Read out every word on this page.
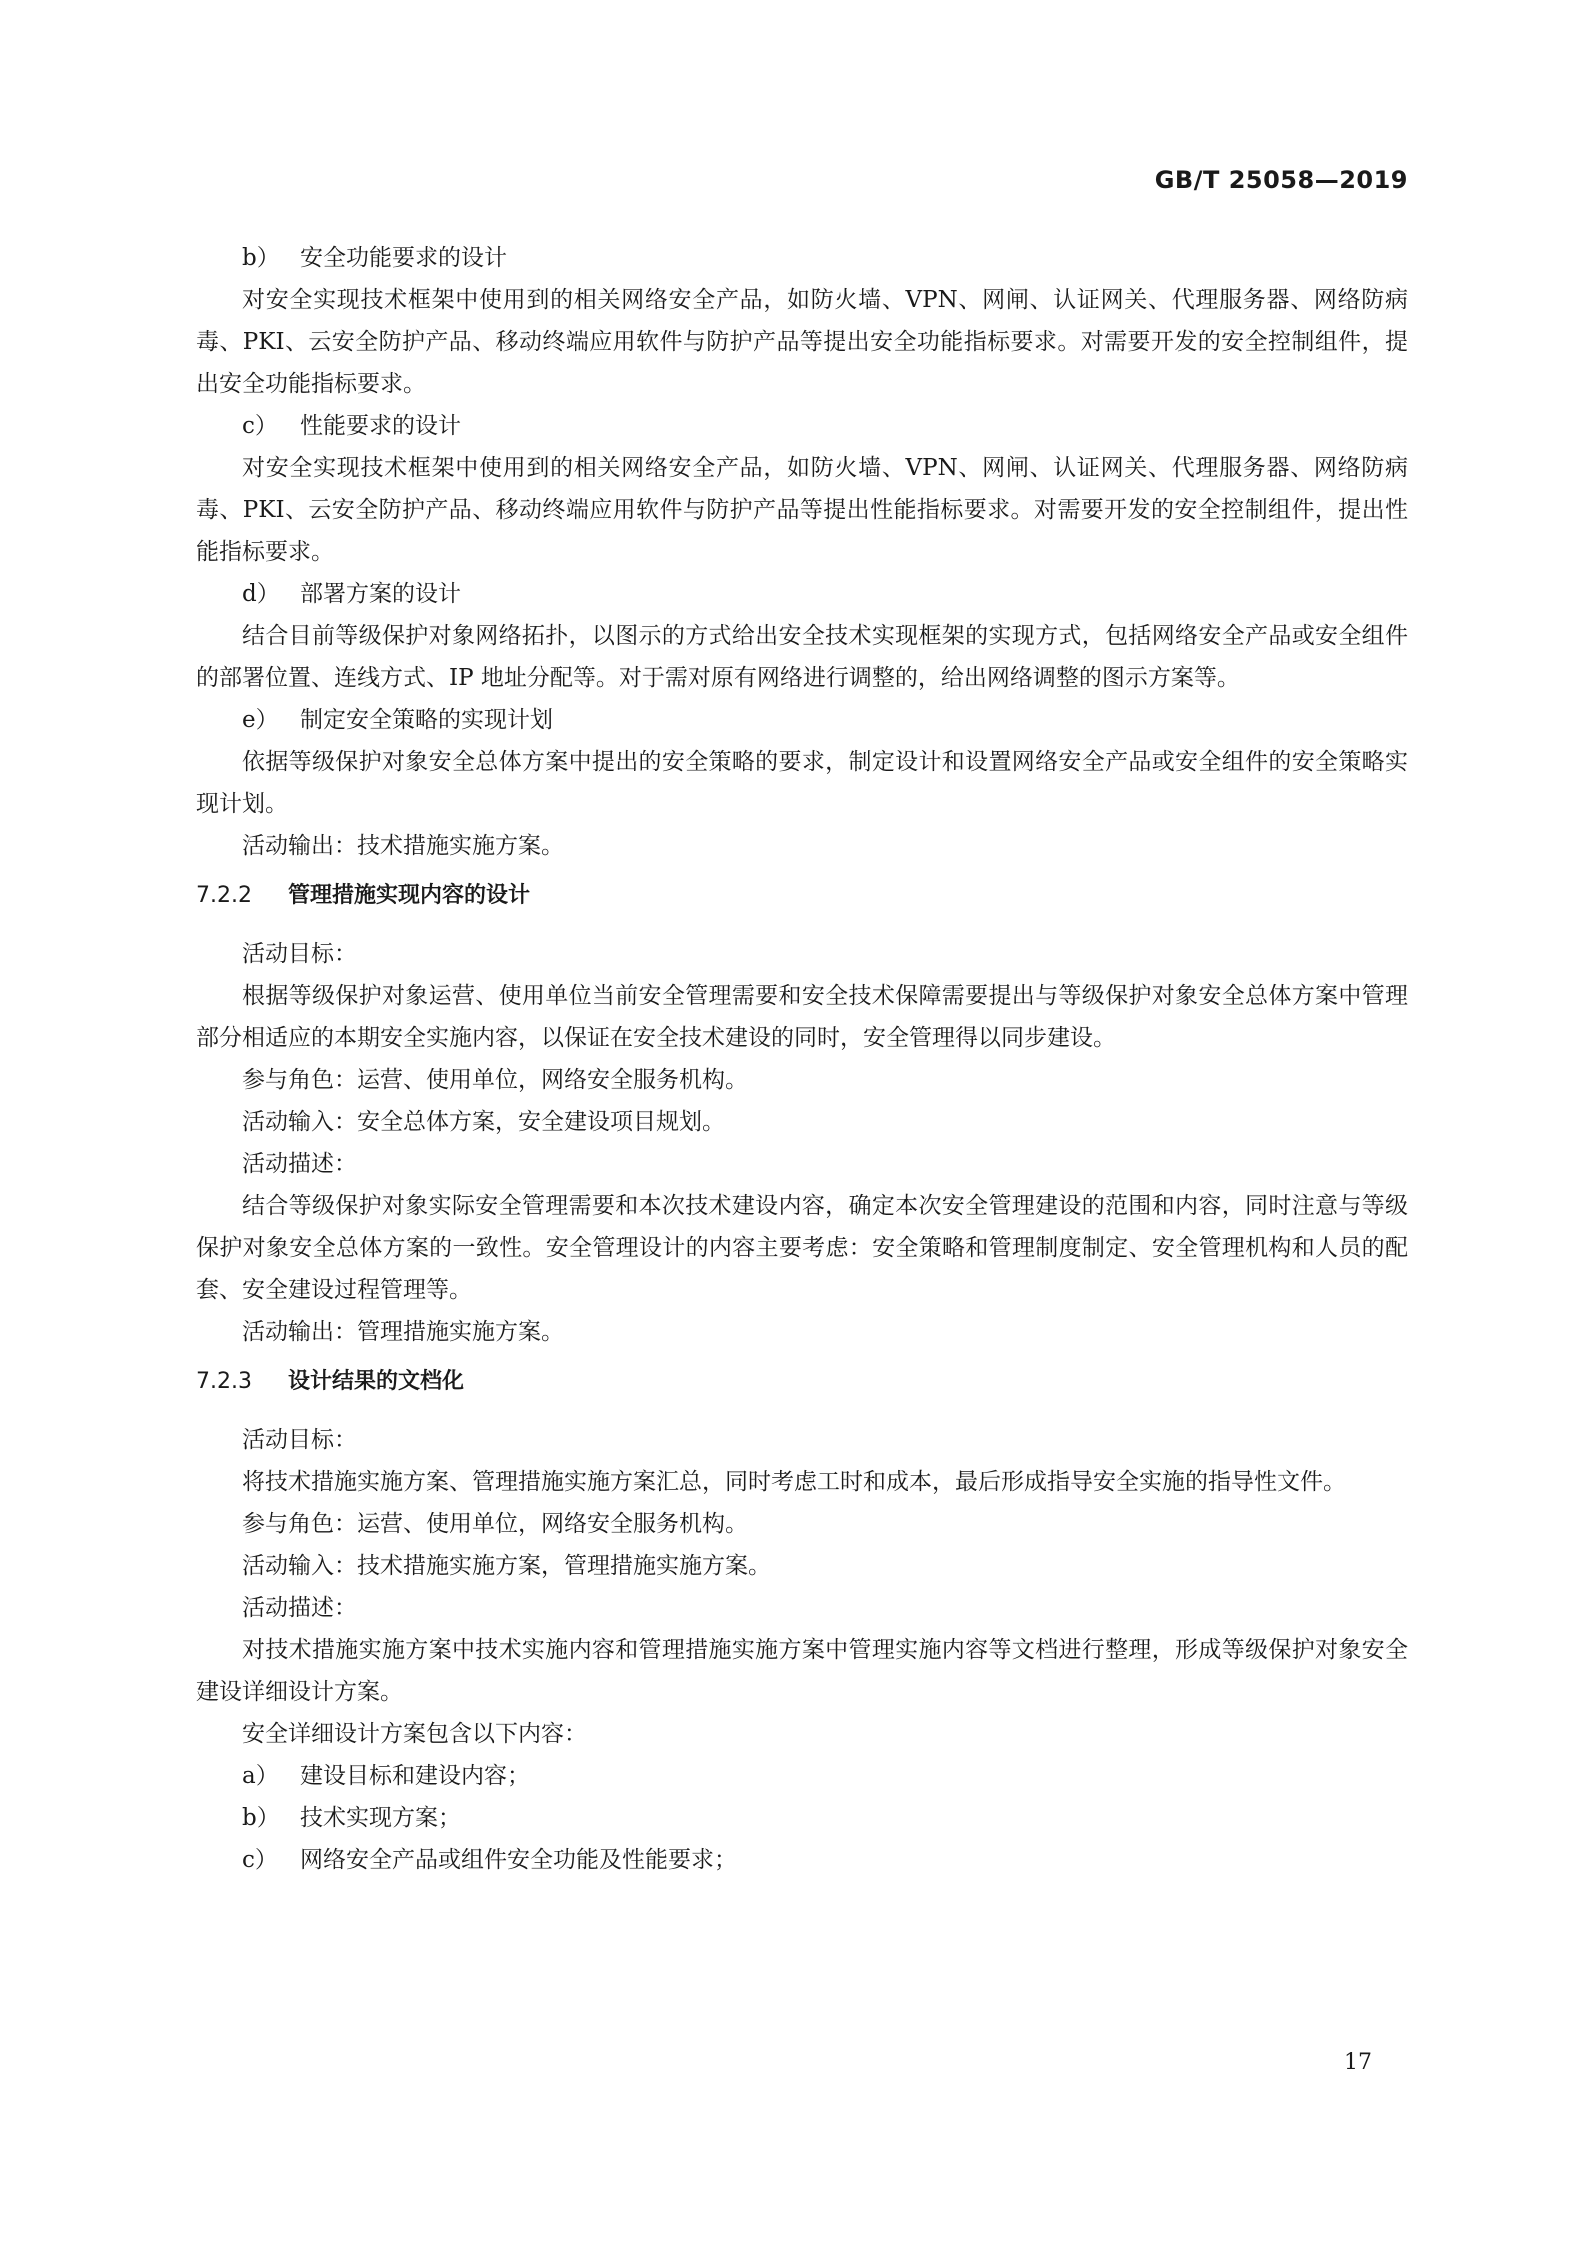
GB/T 25058—2019
b） 安全功能要求的设计
对安全实现技术框架中使用到的相关网络安全产品，如防火墙、VPN、网闸、认证网关、代理服务器、网络防病毒、PKI、云安全防护产品、移动终端应用软件与防护产品等提出安全功能指标要求。对需要开发的安全控制组件，提出安全功能指标要求。
c） 性能要求的设计
对安全实现技术框架中使用到的相关网络安全产品，如防火墙、VPN、网闸、认证网关、代理服务器、网络防病毒、PKI、云安全防护产品、移动终端应用软件与防护产品等提出性能指标要求。对需要开发的安全控制组件，提出性能指标要求。
d） 部署方案的设计
结合目前等级保护对象网络拓扑，以图示的方式给出安全技术实现框架的实现方式，包括网络安全产品或安全组件的部署位置、连线方式、IP 地址分配等。对于需对原有网络进行调整的，给出网络调整的图示方案等。
e） 制定安全策略的实现计划
依据等级保护对象安全总体方案中提出的安全策略的要求，制定设计和设置网络安全产品或安全组件的安全策略实现计划。
活动输出：技术措施实施方案。
7.2.2 管理措施实现内容的设计
活动目标：
根据等级保护对象运营、使用单位当前安全管理需要和安全技术保障需要提出与等级保护对象安全总体方案中管理部分相适应的本期安全实施内容，以保证在安全技术建设的同时，安全管理得以同步建设。
参与角色：运营、使用单位，网络安全服务机构。
活动输入：安全总体方案，安全建设项目规划。
活动描述：
结合等级保护对象实际安全管理需要和本次技术建设内容，确定本次安全管理建设的范围和内容，同时注意与等级保护对象安全总体方案的一致性。安全管理设计的内容主要考虑：安全策略和管理制度制定、安全管理机构和人员的配套、安全建设过程管理等。
活动输出：管理措施实施方案。
7.2.3 设计结果的文档化
活动目标：
将技术措施实施方案、管理措施实施方案汇总，同时考虑工时和成本，最后形成指导安全实施的指导性文件。
参与角色：运营、使用单位，网络安全服务机构。
活动输入：技术措施实施方案，管理措施实施方案。
活动描述：
对技术措施实施方案中技术实施内容和管理措施实施方案中管理实施内容等文档进行整理，形成等级保护对象安全建设详细设计方案。
安全详细设计方案包含以下内容：
a） 建设目标和建设内容；
b） 技术实现方案；
c） 网络安全产品或组件安全功能及性能要求；
17
